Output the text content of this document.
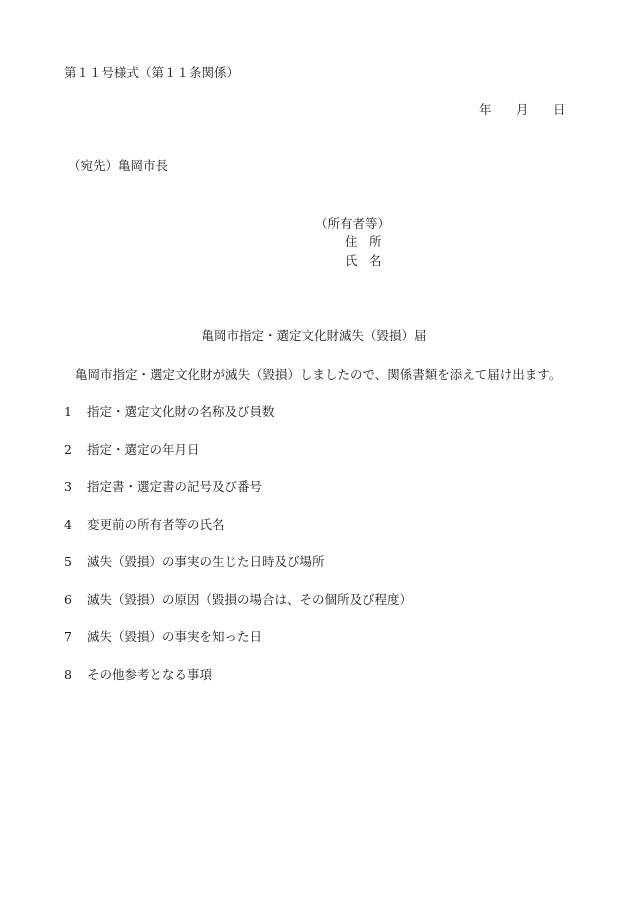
第１１号様式（第１１条関係）
年	月	日
（宛先）亀岡市長
（所有者等）
住 所
氏 名
亀岡市指定・選定文化財滅失（毀損）届
亀岡市指定・選定文化財が滅失（毀損）しましたので、関係書類を添えて届け出ます。
1 指定・選定文化財の名称及び員数
2 指定・選定の年月日
3 指定書・選定書の記号及び番号
4 変更前の所有者等の氏名
5 滅失（毀損）の事実の生じた日時及び場所
6 滅失（毀損）の原因（毀損の場合は、その個所及び程度）
7 滅失（毀損）の事実を知った日
8 その他参考となる事項
